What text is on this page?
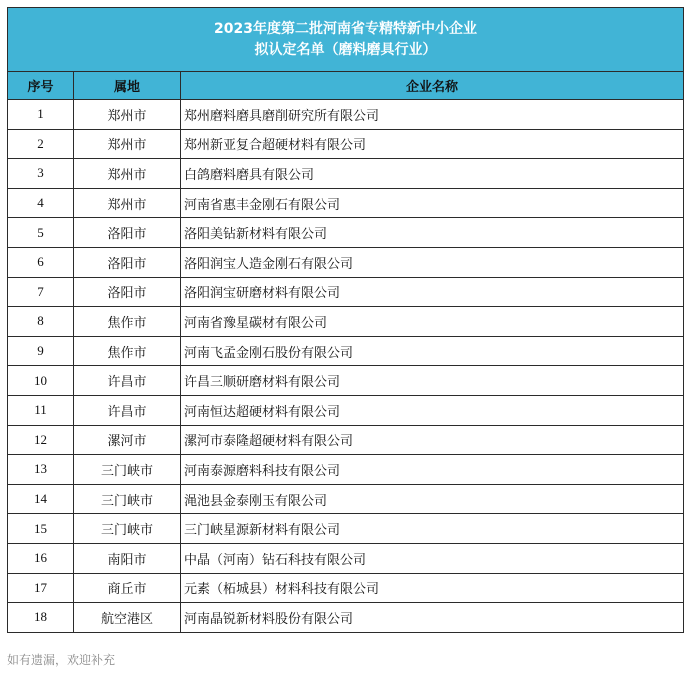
2023年度第二批河南省专精特新中小企业
拟认定名单（磨料磨具行业）		

序号	属地	企业名称
1	郑州市	郑州磨料磨具磨削研究所有限公司
2	郑州市	郑州新亚复合超硬材料有限公司
3	郑州市	白鸽磨料磨具有限公司
4	郑州市	河南省惠丰金刚石有限公司
5	洛阳市	洛阳美钻新材料有限公司
6	洛阳市	洛阳润宝人造金刚石有限公司
7	洛阳市	洛阳润宝研磨材料有限公司
8	焦作市	河南省豫星碳材有限公司
9	焦作市	河南飞孟金刚石股份有限公司
10	许昌市	许昌三顺研磨材料有限公司
11	许昌市	河南恒达超硬材料有限公司
12	漯河市	漯河市泰隆超硬材料有限公司
13	三门峡市	河南泰源磨料科技有限公司
14	三门峡市	渑池县金泰刚玉有限公司
15	三门峡市	三门峡星源新材料有限公司
16	南阳市	中晶（河南）钻石科技有限公司
17	商丘市	元素（柘城县）材料科技有限公司
18	航空港区	河南晶锐新材料股份有限公司
如有遗漏，欢迎补充
